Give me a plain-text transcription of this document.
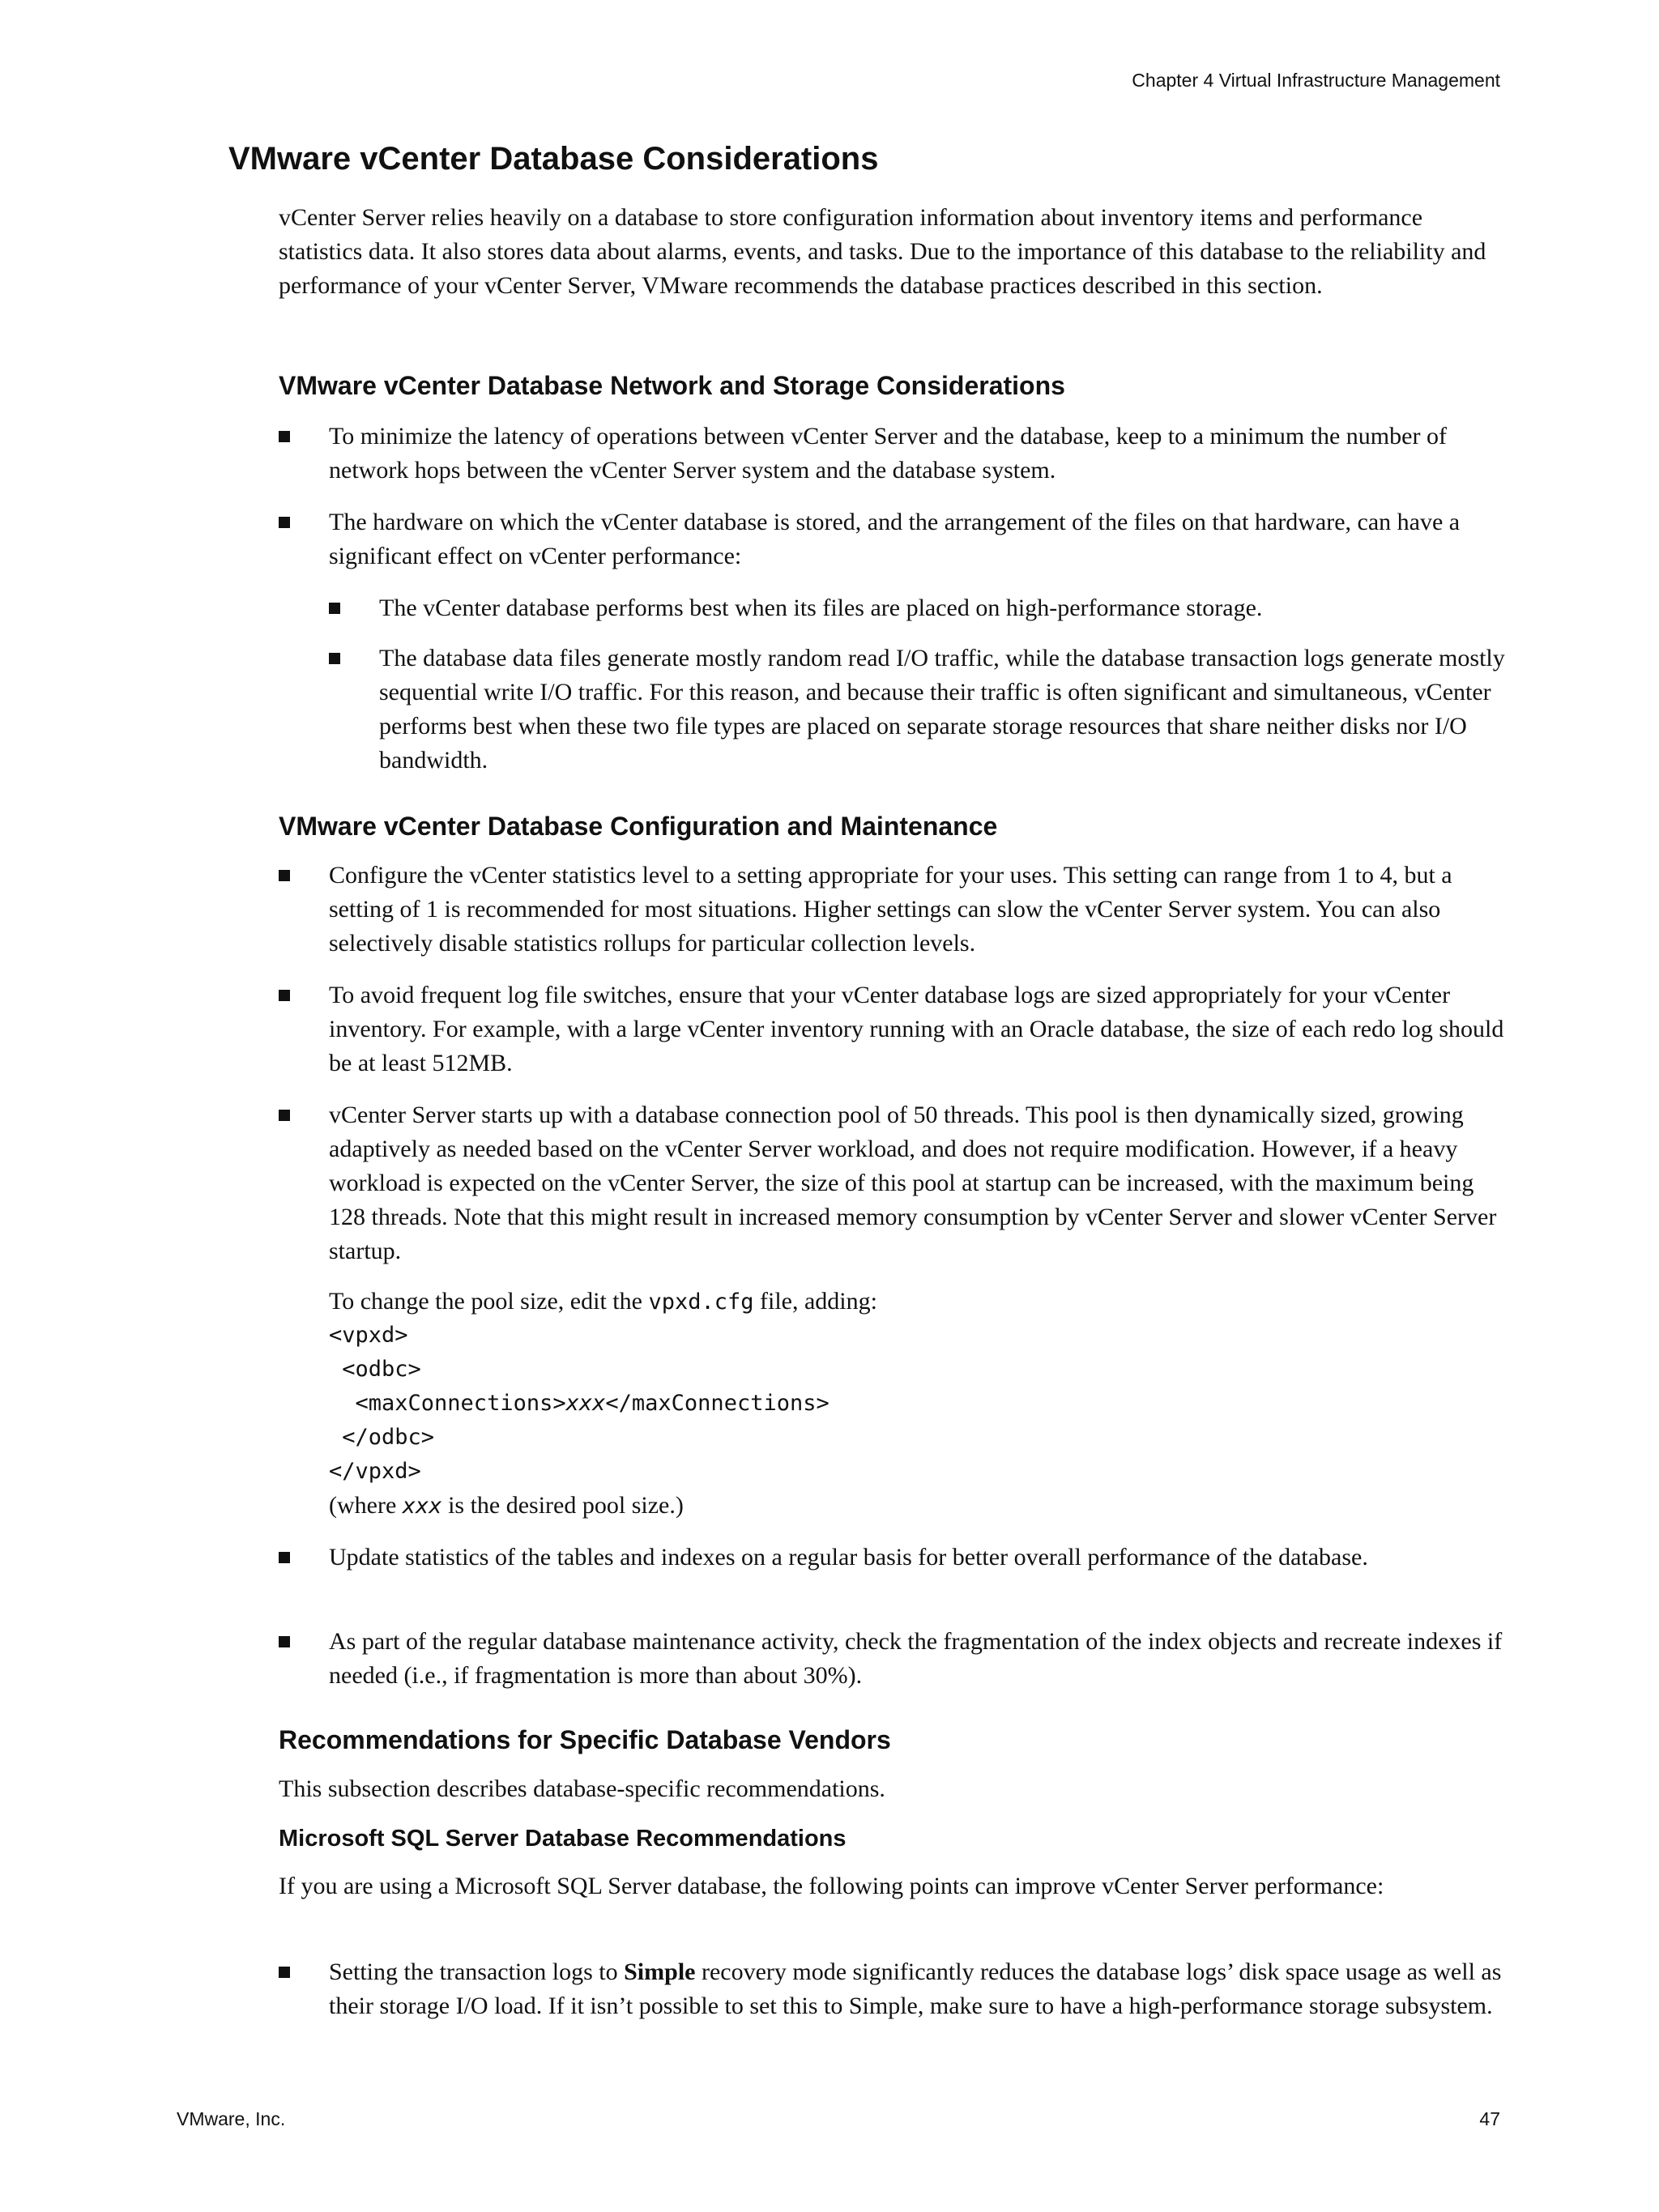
Chapter 4 Virtual Infrastructure Management
VMware vCenter Database Considerations

vCenter Server relies heavily on a database to store configuration information about inventory items and performance statistics data. It also stores data about alarms, events, and tasks. Due to the importance of this database to the reliability and performance of your vCenter Server, VMware recommends the database practices described in this section.

VMware vCenter Database Network and Storage Considerations
To minimize the latency of operations between vCenter Server and the database, keep to a minimum the number of network hops between the vCenter Server system and the database system.
The hardware on which the vCenter database is stored, and the arrangement of the files on that hardware, can have a significant effect on vCenter performance:
The vCenter database performs best when its files are placed on high-performance storage.
The database data files generate mostly random read I/O traffic, while the database transaction logs generate mostly sequential write I/O traffic. For this reason, and because their traffic is often significant and simultaneous, vCenter performs best when these two file types are placed on separate storage resources that share neither disks nor I/O bandwidth.
VMware vCenter Database Configuration and Maintenance
Configure the vCenter statistics level to a setting appropriate for your uses. This setting can range from 1 to 4, but a setting of 1 is recommended for most situations. Higher settings can slow the vCenter Server system. You can also selectively disable statistics rollups for particular collection levels.
To avoid frequent log file switches, ensure that your vCenter database logs are sized appropriately for your vCenter inventory. For example, with a large vCenter inventory running with an Oracle database, the size of each redo log should be at least 512MB.
vCenter Server starts up with a database connection pool of 50 threads. This pool is then dynamically sized, growing adaptively as needed based on the vCenter Server workload, and does not require modification. However, if a heavy workload is expected on the vCenter Server, the size of this pool at startup can be increased, with the maximum being 128 threads. Note that this might result in increased memory consumption by vCenter Server and slower vCenter Server startup.
To change the pool size, edit the vpxd.cfg file, adding:
<vpxd>
<odbc>
<maxConnections>xxx</maxConnections>
</odbc>
</vpxd>
(where xxx is the desired pool size.)
Update statistics of the tables and indexes on a regular basis for better overall performance of the database.
As part of the regular database maintenance activity, check the fragmentation of the index objects and recreate indexes if needed (i.e., if fragmentation is more than about 30%).
Recommendations for Specific Database Vendors

This subsection describes database-specific recommendations.

Microsoft SQL Server Database Recommendations

If you are using a Microsoft SQL Server database, the following points can improve vCenter Server performance:

Setting the transaction logs to Simple recovery mode significantly reduces the database logs’ disk space usage as well as their storage I/O load. If it isn’t possible to set this to Simple, make sure to have a high-performance storage subsystem.
VMware, Inc.	47
